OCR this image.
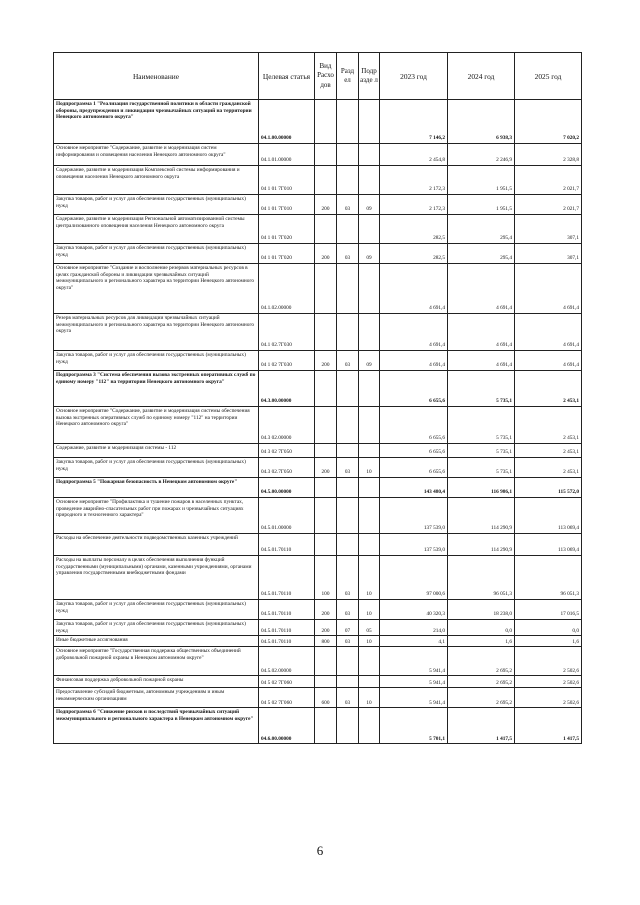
Наименование	Целевая статья	Вид Расхо дов	Разд ел	Подр азде л	2023 год	2024 год	2025 год
Подпрограмма 1 "Реализация государственной политики в области гражданской обороны, предупреждения и ликвидации чрезвычайных ситуаций на территории Ненецкого автономного округа"	04.1.00.00000				7 146,2	6 938,3	7 020,2
Основное мероприятие "Содержание, развитие и модернизация систем информирования и оповещения населения Ненецкого автономного округа"	04.1.01.00000				2 454,8	2 246,9	2 328,8
Содержание, развитие и модернизация Комплексной системы информирования и оповещения населения Ненецкого автономного округа	04 1 01 7Г010				2 172,3	1 951,5	2 021,7
Закупка товаров, работ и услуг для обеспечения государственных (муниципальных) нужд	04 1 01 7Г010	200	03	09	2 172,3	1 951,5	2 021,7
Содержание, развитие и модернизация Региональной автоматизированной системы централизованного оповещения населения Ненецкого автономного округа	04 1 01 7Г020				282,5	295,4	307,1
Закупка товаров, работ и услуг для обеспечения государственных (муниципальных) нужд	04 1 01 7Г020	200	03	09	282,5	295,4	307,1
Основное мероприятие "Создание и восполнение резервов материальных ресурсов в целях гражданской обороны и ликвидации чрезвычайных ситуаций межмуниципального и регионального характера на территории Ненецкого автономного округа"	04.1.02.00000				4 691,4	4 691,4	4 691,4
Резерв материальных ресурсов для ликвидации чрезвычайных ситуаций межмуниципального и регионального характера на территории Ненецкого автономного округа	04.1 02.7Г030				4 691,4	4 691,4	4 691,4
Закупка товаров, работ и услуг для обеспечения государственных (муниципальных) нужд	04 1 02 7Г030	200	03	09	4 691,4	4 691,4	4 691,4
Подпрограмма 3 "Система обеспечения вызова экстренных оперативных служб по единому номеру "112" на территории Ненецкого автономного округа"	04.3.00.00000				6 655,6	5 735,1	2 453,1
Основное мероприятие "Содержание, развитие и модернизация системы обеспечения вызова экстренных оперативных служб по единому номеру "112" на территории Ненецкого автономного округа"	04.3 02.00000				6 655,6	5 735,1	2 453,1
Содержание, развитие и модернизация системы - 112	04 3 02 7Г050				6 655,6	5 735,1	2 453,1
Закупка товаров, работ и услуг для обеспечения государственных (муниципальных) нужд	04.3 02.7Г050	200	03	10	6 655,6	5 735,1	2 453,1
Подпрограмма 5 "Пожарная безопасность в Ненецком автономном округе"	04.5.00.00000				143 480,4	116 986,1	115 572,0
Основное мероприятие "Профилактика и тушение пожаров в населенных пунктах, проведение аварийно-спасательных работ при пожарах и чрезвычайных ситуациях природного и техногенного характера"	04.5.01.00000				137 539,0	114 290,9	113 069,4
Расходы на обеспечение деятельности подведомственных казенных учреждений	04.5.01.70110				137 539,0	114 290,9	113 069,4
Расходы на выплаты персоналу в целях обеспечения выполнения функций государственными (муниципальными) органами, казенными учреждениями, органами управления государственными внебюджетными фондами	04.5.01.70110	100	03	10	97 000,6	96 051,3	96 051,3
Закупка товаров, работ и услуг для обеспечения государственных (муниципальных) нужд	04.5.01.70110	200	03	10	40 320,3	18 238,0	17 016,5
Закупка товаров, работ и услуг для обеспечения государственных (муниципальных) нужд	04.5.01.70110	200	07	05	214,0	0,0	0,0
Иные бюджетные ассигнования	04.5.01.70110	800	03	10	4,1	1,6	1,6
Основное мероприятие "Государственная поддержка общественных объединений добровольной пожарной охраны в Ненецком автономном округе"	04.5.02.00000				5 941,4	2 695,2	2 502,6
Финансовая поддержка добровольной пожарной охраны	04 5 02 7Г060				5 941,4	2 695,2	2 502,6
Предоставление субсидий бюджетным, автономным учреждениям и иным некоммерческим организациям	04 5 02 7Г060	600	03	10	5 941,4	2 695,2	2 502,6
Подпрограмма 6 "Снижение рисков и последствий чрезвычайных ситуаций межмуниципального и регионального характера в Ненецком автономном округе"	04.6.00.00000				5 701,1	1 417,5	1 417,5
6
